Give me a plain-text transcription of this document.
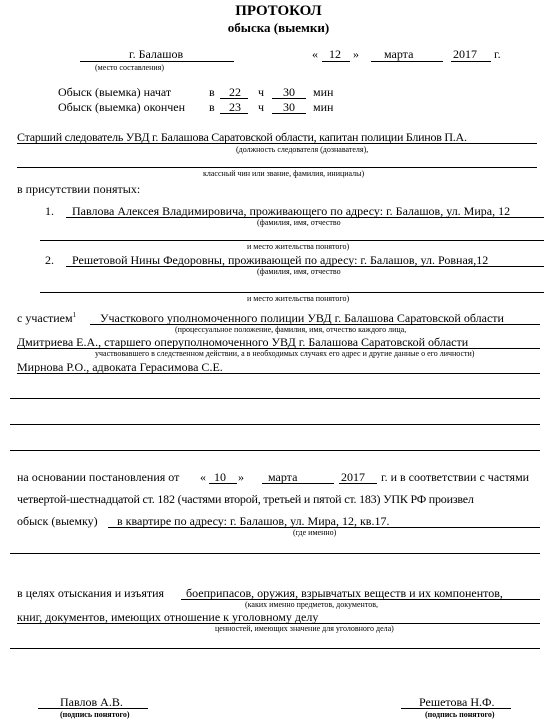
ПРОТОКОЛ
обыска (выемки)
г. Балашов
(место составления)
« 12 » марта	2017 г.
Обыск (выемка) начат	в 22 ч 30 мин
Обыск (выемка) окончен в 23 ч 30 мин
Старший следователь УВД г. Балашова Саратовской области, капитан полиции Блинов П.А.
(должность следователя (дознавателя),
классный чин или звание, фамилия, инициалы)
в присутствии понятых:
1. Павлова Алексея Владимировича, проживающего по адресу: г. Балашов, ул. Мира, 12
(фамилия, имя, отчество
и место жительства понятого)
2. Решетовой Нины Федоровны, проживающей по адресу: г. Балашов, ул. Ровная,12
(фамилия, имя, отчество
и место жительства понятого)
с участием$^1$ Участкового уполномоченного полиции УВД г. Балашова Саратовской области
(процессуальное положение, фамилия, имя, отчество каждого лица,
Дмитриева Е.А., старшего оперуполномоченного УВД г. Балашова Саратовской области
участвовавшего в следственном действии, а в необходимых случаях его адрес и другие данные о его личности)
Мирнова Р.О., адвоката Герасимова С.Е.
на основании постановления от « 10 » марта	2017 г. и в соответствии с частями
четвертой-шестнадцатой ст. 182 (частями второй, третьей и пятой ст. 183) УПК РФ произвел
обыск (выемку) в квартире по адресу: г. Балашов, ул. Мира, 12, кв.17.
(где именно)
в целях отыскания и изъятия боеприпасов, оружия, взрывчатых веществ и их компонентов,
(каких именно предметов, документов,
книг, документов, имеющих отношение к уголовному делу
ценностей, имеющих значение для уголовного дела)
Павлов А.В.
(подпись понятого)
Решетова Н.Ф.
(подпись понятого)
